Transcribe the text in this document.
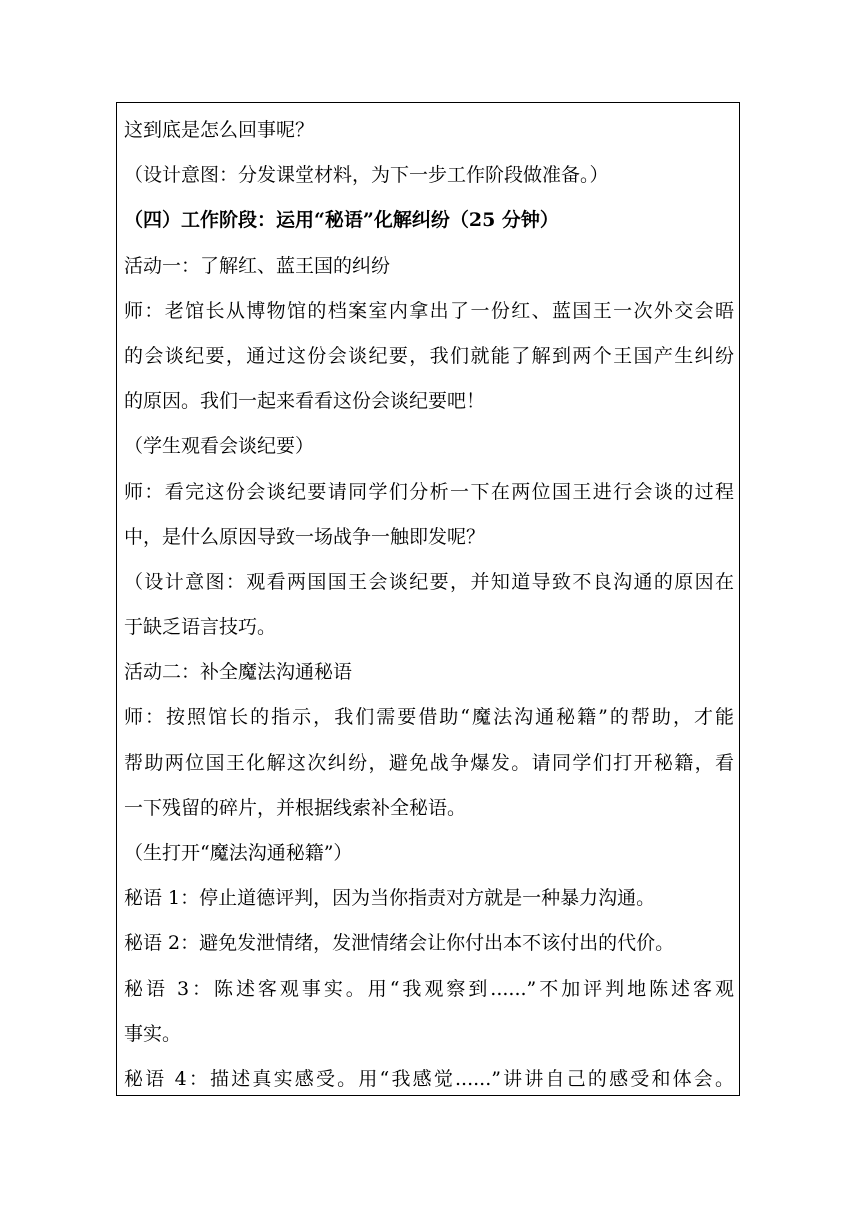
这到底是怎么回事呢？
（设计意图：分发课堂材料，为下一步工作阶段做准备。）
（四）工作阶段：运用“秘语”化解纠纷（25 分钟）
活动一：了解红、蓝王国的纠纷
师：老馆长从博物馆的档案室内拿出了一份红、蓝国王一次外交会晤
的会谈纪要，通过这份会谈纪要，我们就能了解到两个王国产生纠纷
的原因。我们一起来看看这份会谈纪要吧！
（学生观看会谈纪要）
师：看完这份会谈纪要请同学们分析一下在两位国王进行会谈的过程
中，是什么原因导致一场战争一触即发呢？
（设计意图：观看两国国王会谈纪要，并知道导致不良沟通的原因在
于缺乏语言技巧。
活动二：补全魔法沟通秘语
师：按照馆长的指示，我们需要借助“魔法沟通秘籍”的帮助，才能
帮助两位国王化解这次纠纷，避免战争爆发。请同学们打开秘籍，看
一下残留的碎片，并根据线索补全秘语。
（生打开“魔法沟通秘籍”）
秘语 1：停止道德评判，因为当你指责对方就是一种暴力沟通。
秘语 2：避免发泄情绪，发泄情绪会让你付出本不该付出的代价。
秘语 3：陈述客观事实。用“我观察到......”不加评判地陈述客观
事实。
秘语 4：描述真实感受。用“我感觉......”讲讲自己的感受和体会。
